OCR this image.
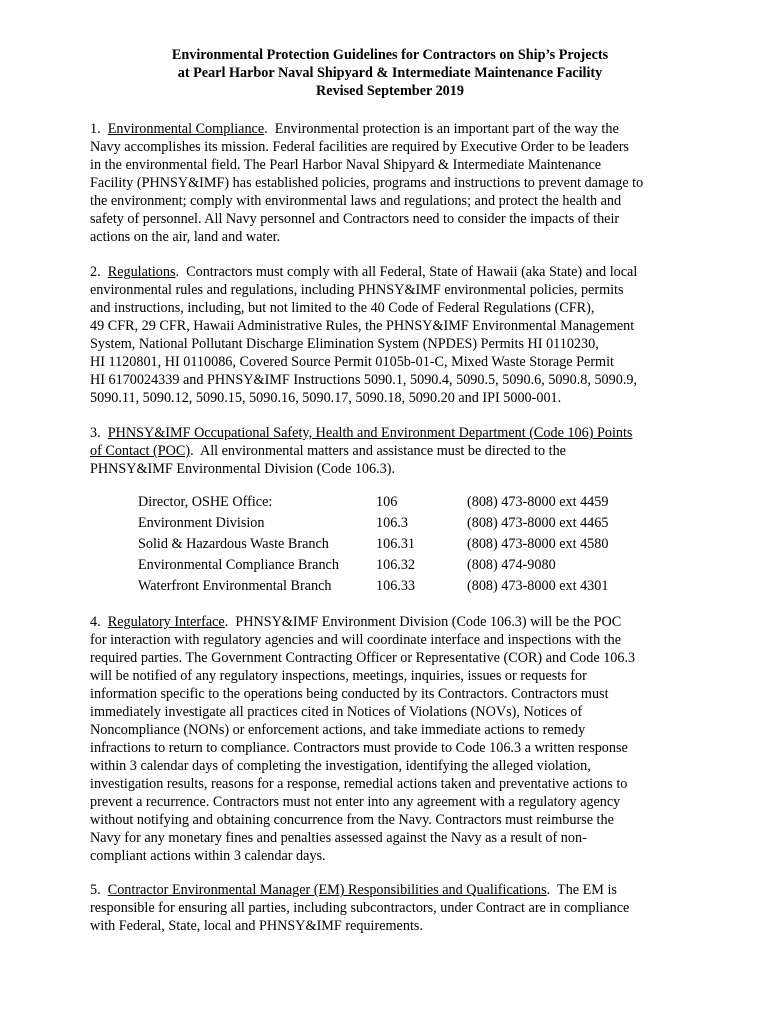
Environmental Protection Guidelines for Contractors on Ship’s Projects
at Pearl Harbor Naval Shipyard & Intermediate Maintenance Facility
Revised September 2019
1. Environmental Compliance.  Environmental protection is an important part of the way the
Navy accomplishes its mission. Federal facilities are required by Executive Order to be leaders
in the environmental field. The Pearl Harbor Naval Shipyard & Intermediate Maintenance
Facility (PHNSY&IMF) has established policies, programs and instructions to prevent damage to
the environment; comply with environmental laws and regulations; and protect the health and
safety of personnel. All Navy personnel and Contractors need to consider the impacts of their
actions on the air, land and water.
2. Regulations.  Contractors must comply with all Federal, State of Hawaii (aka State) and local
environmental rules and regulations, including PHNSY&IMF environmental policies, permits
and instructions, including, but not limited to the 40 Code of Federal Regulations (CFR),
49 CFR, 29 CFR, Hawaii Administrative Rules, the PHNSY&IMF Environmental Management
System, National Pollutant Discharge Elimination System (NPDES) Permits HI 0110230,
HI 1120801, HI 0110086, Covered Source Permit 0105b-01-C, Mixed Waste Storage Permit
HI 6170024339 and PHNSY&IMF Instructions 5090.1, 5090.4, 5090.5, 5090.6, 5090.8, 5090.9,
5090.11, 5090.12, 5090.15, 5090.16, 5090.17, 5090.18, 5090.20 and IPI 5000-001.
3. PHNSY&IMF Occupational Safety, Health and Environment Department (Code 106) Points
of Contact (POC).  All environmental matters and assistance must be directed to the
PHNSY&IMF Environmental Division (Code 106.3).
Director, OSHE Office:	106	(808) 473-8000 ext 4459
Environment Division	106.3	(808) 473-8000 ext 4465
Solid & Hazardous Waste Branch	106.31	(808) 473-8000 ext 4580
Environmental Compliance Branch	106.32	(808) 474-9080
Waterfront Environmental Branch	106.33	(808) 473-8000 ext 4301
4. Regulatory Interface.  PHNSY&IMF Environment Division (Code 106.3) will be the POC
for interaction with regulatory agencies and will coordinate interface and inspections with the
required parties. The Government Contracting Officer or Representative (COR) and Code 106.3
will be notified of any regulatory inspections, meetings, inquiries, issues or requests for
information specific to the operations being conducted by its Contractors. Contractors must
immediately investigate all practices cited in Notices of Violations (NOVs), Notices of
Noncompliance (NONs) or enforcement actions, and take immediate actions to remedy
infractions to return to compliance. Contractors must provide to Code 106.3 a written response
within 3 calendar days of completing the investigation, identifying the alleged violation,
investigation results, reasons for a response, remedial actions taken and preventative actions to
prevent a recurrence. Contractors must not enter into any agreement with a regulatory agency
without notifying and obtaining concurrence from the Navy. Contractors must reimburse the
Navy for any monetary fines and penalties assessed against the Navy as a result of non-
compliant actions within 3 calendar days.
5. Contractor Environmental Manager (EM) Responsibilities and Qualifications.  The EM is
responsible for ensuring all parties, including subcontractors, under Contract are in compliance
with Federal, State, local and PHNSY&IMF requirements.
